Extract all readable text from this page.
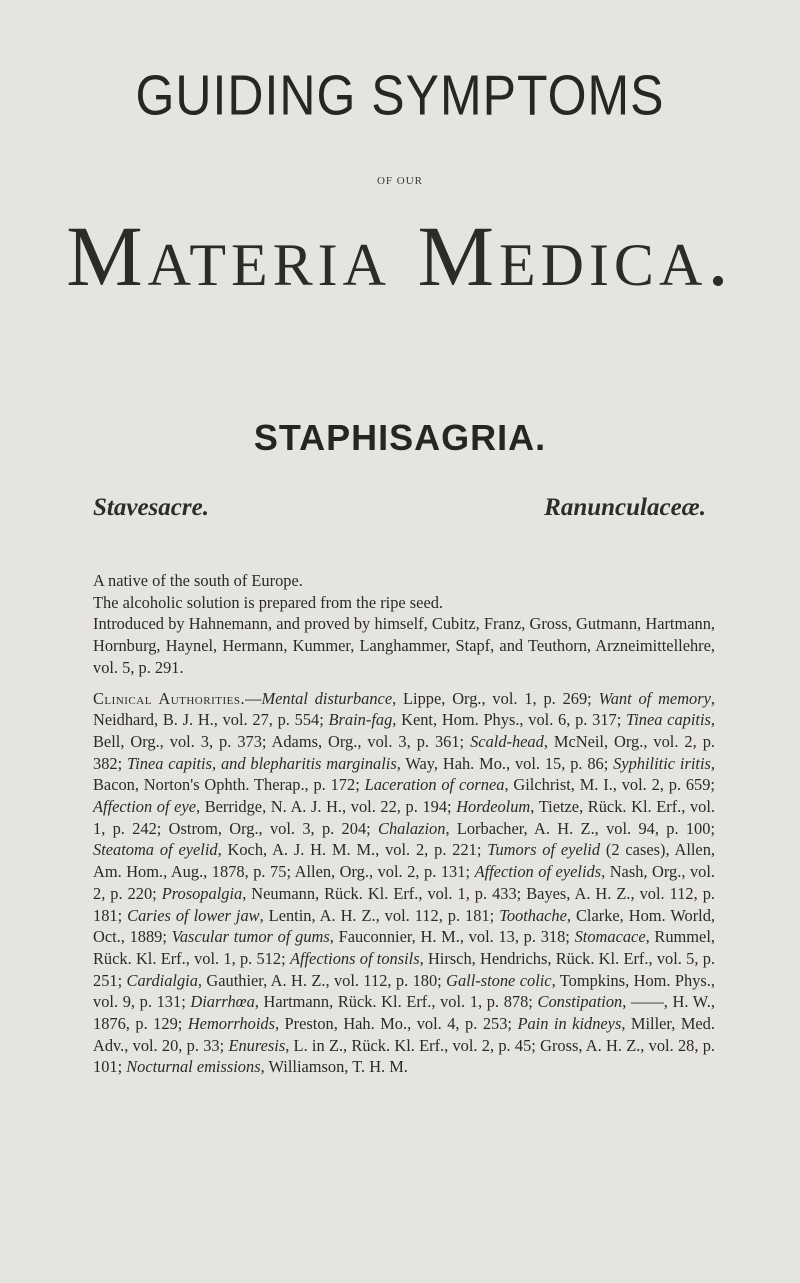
GUIDING SYMPTOMS
OF OUR
Materia Medica.
STAPHISAGRIA.
Stavesacre.	Ranunculaceæ.

A native of the south of Europe.

The alcoholic solution is prepared from the ripe seed.

Introduced by Hahnemann, and proved by himself, Cubitz, Franz, Gross, Gutmann, Hartmann, Hornburg, Haynel, Hermann, Kummer, Langhammer, Stapf, and Teuthorn, Arzneimittellehre, vol. 5, p. 291.

Clinical Authorities.—Mental disturbance, Lippe, Org., vol. 1, p. 269; Want of memory, Neidhard, B. J. H., vol. 27, p. 554; Brain-fag, Kent, Hom. Phys., vol. 6, p. 317; Tinea capitis, Bell, Org., vol. 3, p. 373; Adams, Org., vol. 3, p. 361; Scald-head, McNeil, Org., vol. 2, p. 382; Tinea capitis, and blepharitis marginalis, Way, Hah. Mo., vol. 15, p. 86; Syphilitic iritis, Bacon, Norton's Ophth. Therap., p. 172; Laceration of cornea, Gilchrist, M. I., vol. 2, p. 659; Affection of eye, Berridge, N. A. J. H., vol. 22, p. 194; Hordeolum, Tietze, Rück. Kl. Erf., vol. 1, p. 242; Ostrom, Org., vol. 3, p. 204; Chalazion, Lorbacher, A. H. Z., vol. 94, p. 100; Steatoma of eyelid, Koch, A. J. H. M. M., vol. 2, p. 221; Tumors of eyelid (2 cases), Allen, Am. Hom., Aug., 1878, p. 75; Allen, Org., vol. 2, p. 131; Affection of eyelids, Nash, Org., vol. 2, p. 220; Prosopalgia, Neumann, Rück. Kl. Erf., vol. 1, p. 433; Bayes, A. H. Z., vol. 112, p. 181; Caries of lower jaw, Lentin, A. H. Z., vol. 112, p. 181; Toothache, Clarke, Hom. World, Oct., 1889; Vascular tumor of gums, Fauconnier, H. M., vol. 13, p. 318; Stomacace, Rummel, Rück. Kl. Erf., vol. 1, p. 512; Affections of tonsils, Hirsch, Hendrichs, Rück. Kl. Erf., vol. 5, p. 251; Cardialgia, Gauthier, A. H. Z., vol. 112, p. 180; Gall-stone colic, Tompkins, Hom. Phys., vol. 9, p. 131; Diarrhœa, Hartmann, Rück. Kl. Erf., vol. 1, p. 878; Constipation, ——, H. W., 1876, p. 129; Hemorrhoids, Preston, Hah. Mo., vol. 4, p. 253; Pain in kidneys, Miller, Med. Adv., vol. 20, p. 33; Enuresis, L. in Z., Rück. Kl. Erf., vol. 2, p. 45; Gross, A. H. Z., vol. 28, p. 101; Nocturnal emissions, Williamson, T. H. M.
